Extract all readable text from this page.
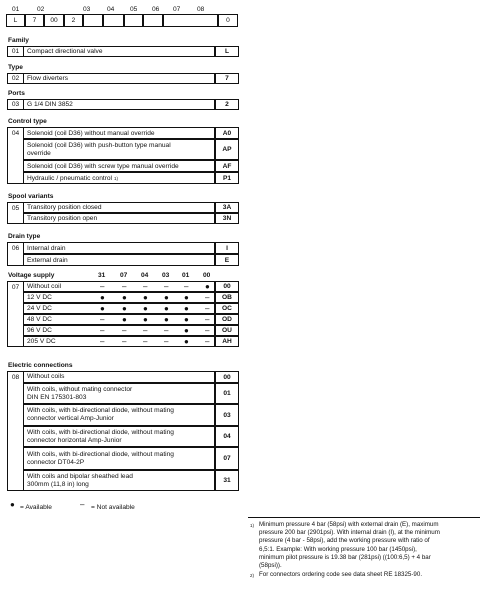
01	02	03	04 05 06 07	08
L	7	00	2	0
Family
01	Compact directional valve	L
Type
02	Flow diverters	7
Ports
03	G 1/4 DIN 3852	2
Control type
04	Solenoid (coil D36) without manual override	A0
Solenoid (coil D36) with push-button type manual override	AP
Solenoid (coil D36) with screw type manual override	AF
Hydraulic / pneumatic control 1)	P1
Spool variants
05	Transitory position closed	3A
Transitory position open	3N
Drain type
06	Internal drain	I
External drain	E
Voltage supply	31 07 04 03 01 00
07	Without coil	– – – – – ●	00
12 V DC	● ● ● ● ● –	OB
24 V DC	● ● ● ● ● –	OC
48 V DC	– ● ● ● ● –	OD
96 V DC	– – – – ● –	OU
205 V DC	– – – – ● –	AH
Electric connections
08	Without coils	00
With coils, without mating connector
DIN EN 175301-803	01
With coils, with bi-directional diode, without mating
connector vertical Amp-Junior	03
With coils, with bi-directional diode, without mating
connector horizontal Amp-Junior	04
With coils, with bi-directional diode, without mating
connector DT04-2P	07
With coils and bipolar sheathed lead
300mm (11,8 in) long	31
● = Available	– = Not available
1) Minimum pressure 4 bar (58psi) with external drain (E), maximum
pressure 200 bar (2901psi). With internal drain (I), at the minimum
pressure (4 bar - 58psi), add the working pressure with ratio of
6,5:1. Example: With working pressure 100 bar (1450psi),
minimum pilot pressure is 19.38 bar (281psi) ((100:6,5) + 4 bar
(58psi)).
2) For connectors ordering code see data sheet RE 18325-90.
